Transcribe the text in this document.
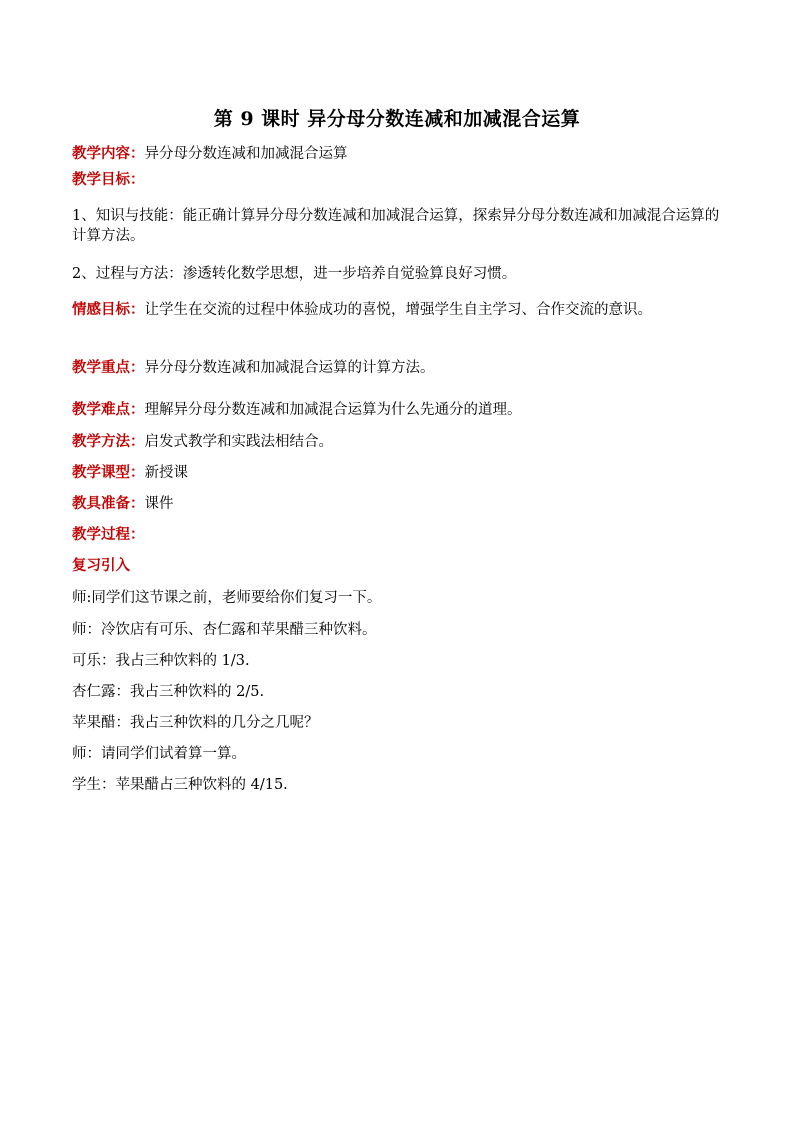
第 9 课时 异分母分数连减和加减混合运算
教学内容：异分母分数连减和加减混合运算
教学目标：
1、知识与技能：能正确计算异分母分数连减和加减混合运算，探索异分母分数连减和加减混合运算的计算方法。
2、过程与方法：渗透转化数学思想，进一步培养自觉验算良好习惯。
情感目标：让学生在交流的过程中体验成功的喜悦，增强学生自主学习、合作交流的意识。
教学重点：异分母分数连减和加减混合运算的计算方法。
教学难点：理解异分母分数连减和加减混合运算为什么先通分的道理。
教学方法：启发式教学和实践法相结合。
教学课型：新授课
教具准备：课件
教学过程：
复习引入
师:同学们这节课之前，老师要给你们复习一下。
师：冷饮店有可乐、杏仁露和苹果醋三种饮料。
可乐：我占三种饮料的 1/3.
杏仁露：我占三种饮料的 2/5.
苹果醋：我占三种饮料的几分之几呢？
师：请同学们试着算一算。
学生：苹果醋占三种饮料的 4/15.
